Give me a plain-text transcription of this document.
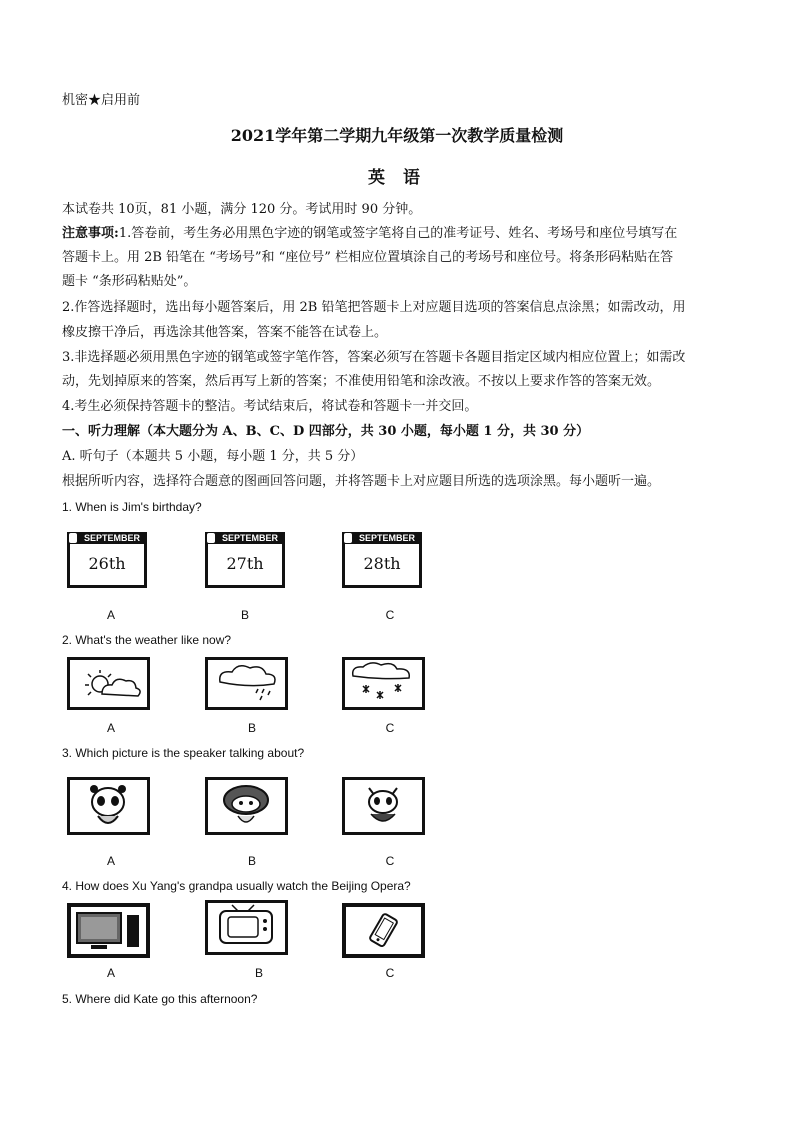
机密★启用前
2021学年第二学期九年级第一次教学质量检测
英 语
本试卷共 10页，81 小题，满分 120 分。考试用时 90 分钟。
注意事项:1.答卷前，考生务必用黑色字迹的钢笔或签字笔将自己的准考证号、姓名、考场号和座位号填写在
答题卡上。用 2B 铅笔在 “考场号”和 “座位号” 栏相应位置填涂自己的考场号和座位号。将条形码粘贴在答
题卡 “条形码粘贴处”。
2.作答选择题时，选出每小题答案后，用 2B 铅笔把答题卡上对应题目选项的答案信息点涂黑；如需改动，用
橡皮擦干净后，再选涂其他答案，答案不能答在试卷上。
3.非选择题必须用黑色字迹的钢笔或签字笔作答，答案必须写在答题卡各题目指定区域内相应位置上；如需改
动，先划掉原来的答案，然后再写上新的答案；不准使用铅笔和涂改液。不按以上要求作答的答案无效。
4.考生必须保持答题卡的整洁。考试结束后，将试卷和答题卡一并交回。
一、听力理解（本大题分为 A、B、C、D 四部分，共 30 小题，每小题 1 分，共 30 分）
A. 听句子（本题共 5 小题，每小题 1 分，共 5 分）
根据所听内容，选择符合题意的图画回答问题，并将答题卡上对应题目所选的选项涂黑。每小题听一遍。
1. When is Jim's birthday?
SEPTEMBER
26th
SEPTEMBER
27th
SEPTEMBER
28th
A	B	C
2. What's the weather like now?
A	B	C
3. Which picture is the speaker talking about?
A	B	C
4. How does Xu Yang's grandpa usually watch the Beijing Opera?
A	B	C
5. Where did Kate go this afternoon?
